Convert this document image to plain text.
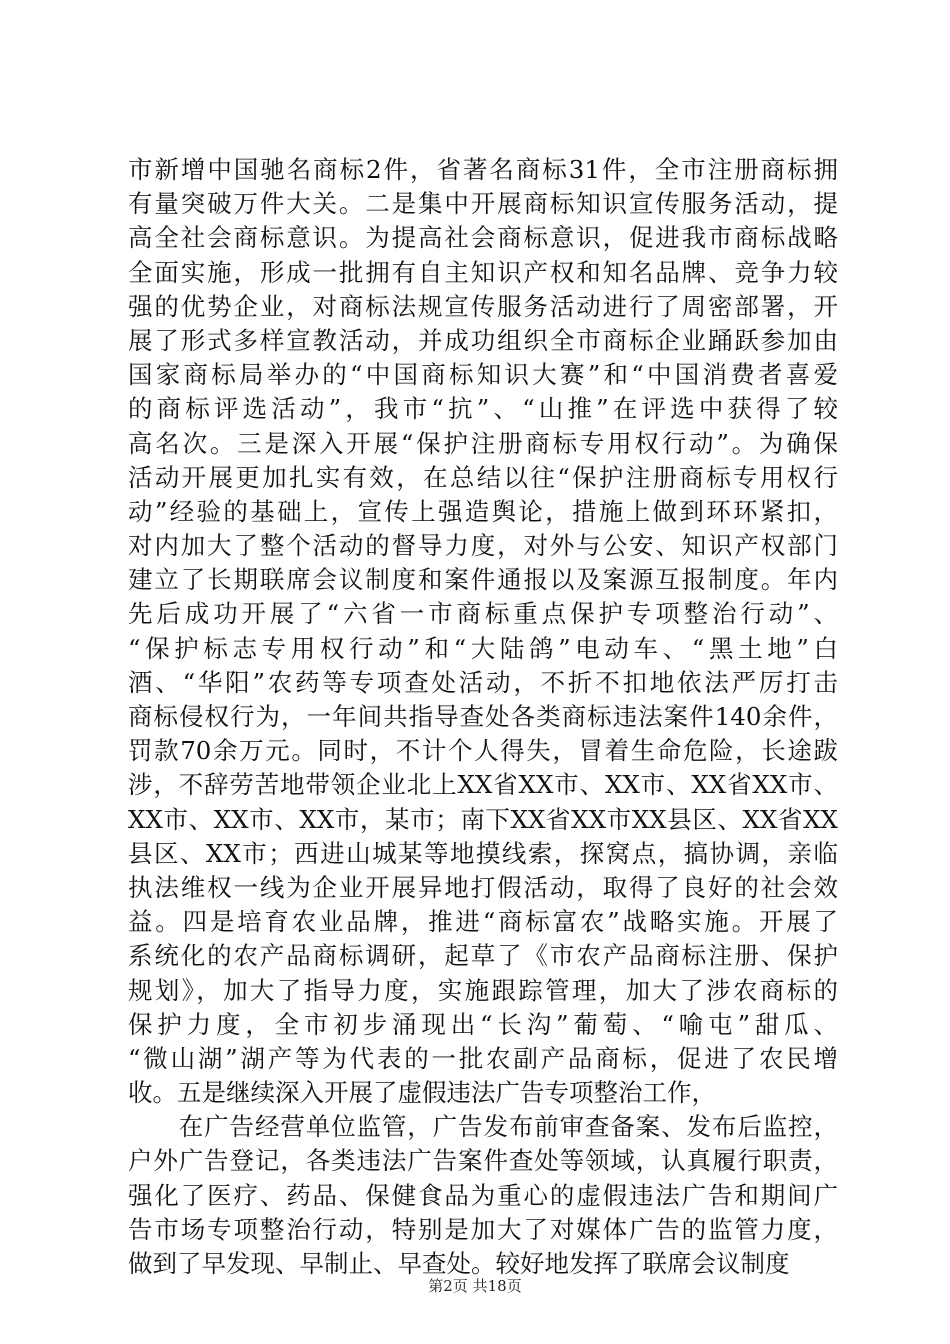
市新增中国驰名商标2件，省著名商标31件，全市注册商标拥
有量突破万件大关。二是集中开展商标知识宣传服务活动，提
高全社会商标意识。为提高社会商标意识，促进我市商标战略
全面实施，形成一批拥有自主知识产权和知名品牌、竞争力较
强的优势企业，对商标法规宣传服务活动进行了周密部署，开
展了形式多样宣教活动，并成功组织全市商标企业踊跃参加由
国家商标局举办的“中国商标知识大赛”和“中国消费者喜爱
的商标评选活动”，我市“抗”、“山推”在评选中获得了较
高名次。三是深入开展“保护注册商标专用权行动”。为确保
活动开展更加扎实有效，在总结以往“保护注册商标专用权行
动”经验的基础上，宣传上强造舆论，措施上做到环环紧扣，
对内加大了整个活动的督导力度，对外与公安、知识产权部门
建立了长期联席会议制度和案件通报以及案源互报制度。年内
先后成功开展了“六省一市商标重点保护专项整治行动”、
“保护标志专用权行动”和“大陆鸽”电动车、“黑土地”白
酒、“华阳”农药等专项查处活动，不折不扣地依法严厉打击
商标侵权行为，一年间共指导查处各类商标违法案件140余件，
罚款70余万元。同时，不计个人得失，冒着生命危险，长途跋
涉，不辞劳苦地带领企业北上XX省XX市、XX市、XX省XX市、
XX市、XX市、XX市，某市；南下XX省XX市XX县区、XX省XX
县区、XX市；西进山城某等地摸线索，探窝点，搞协调，亲临
执法维权一线为企业开展异地打假活动，取得了良好的社会效
益。四是培育农业品牌，推进“商标富农”战略实施。开展了
系统化的农产品商标调研，起草了《市农产品商标注册、保护
规划》，加大了指导力度，实施跟踪管理，加大了涉农商标的
保护力度，全市初步涌现出“长沟”葡萄、“喻屯”甜瓜、
“微山湖”湖产等为代表的一批农副产品商标，促进了农民增
收。五是继续深入开展了虚假违法广告专项整治工作，
　　在广告经营单位监管，广告发布前审查备案、发布后监控，
户外广告登记，各类违法广告案件查处等领域，认真履行职责，
强化了医疗、药品、保健食品为重心的虚假违法广告和期间广
告市场专项整治行动，特别是加大了对媒体广告的监管力度，
做到了早发现、早制止、早查处。较好地发挥了联席会议制度
第2页 共18页
